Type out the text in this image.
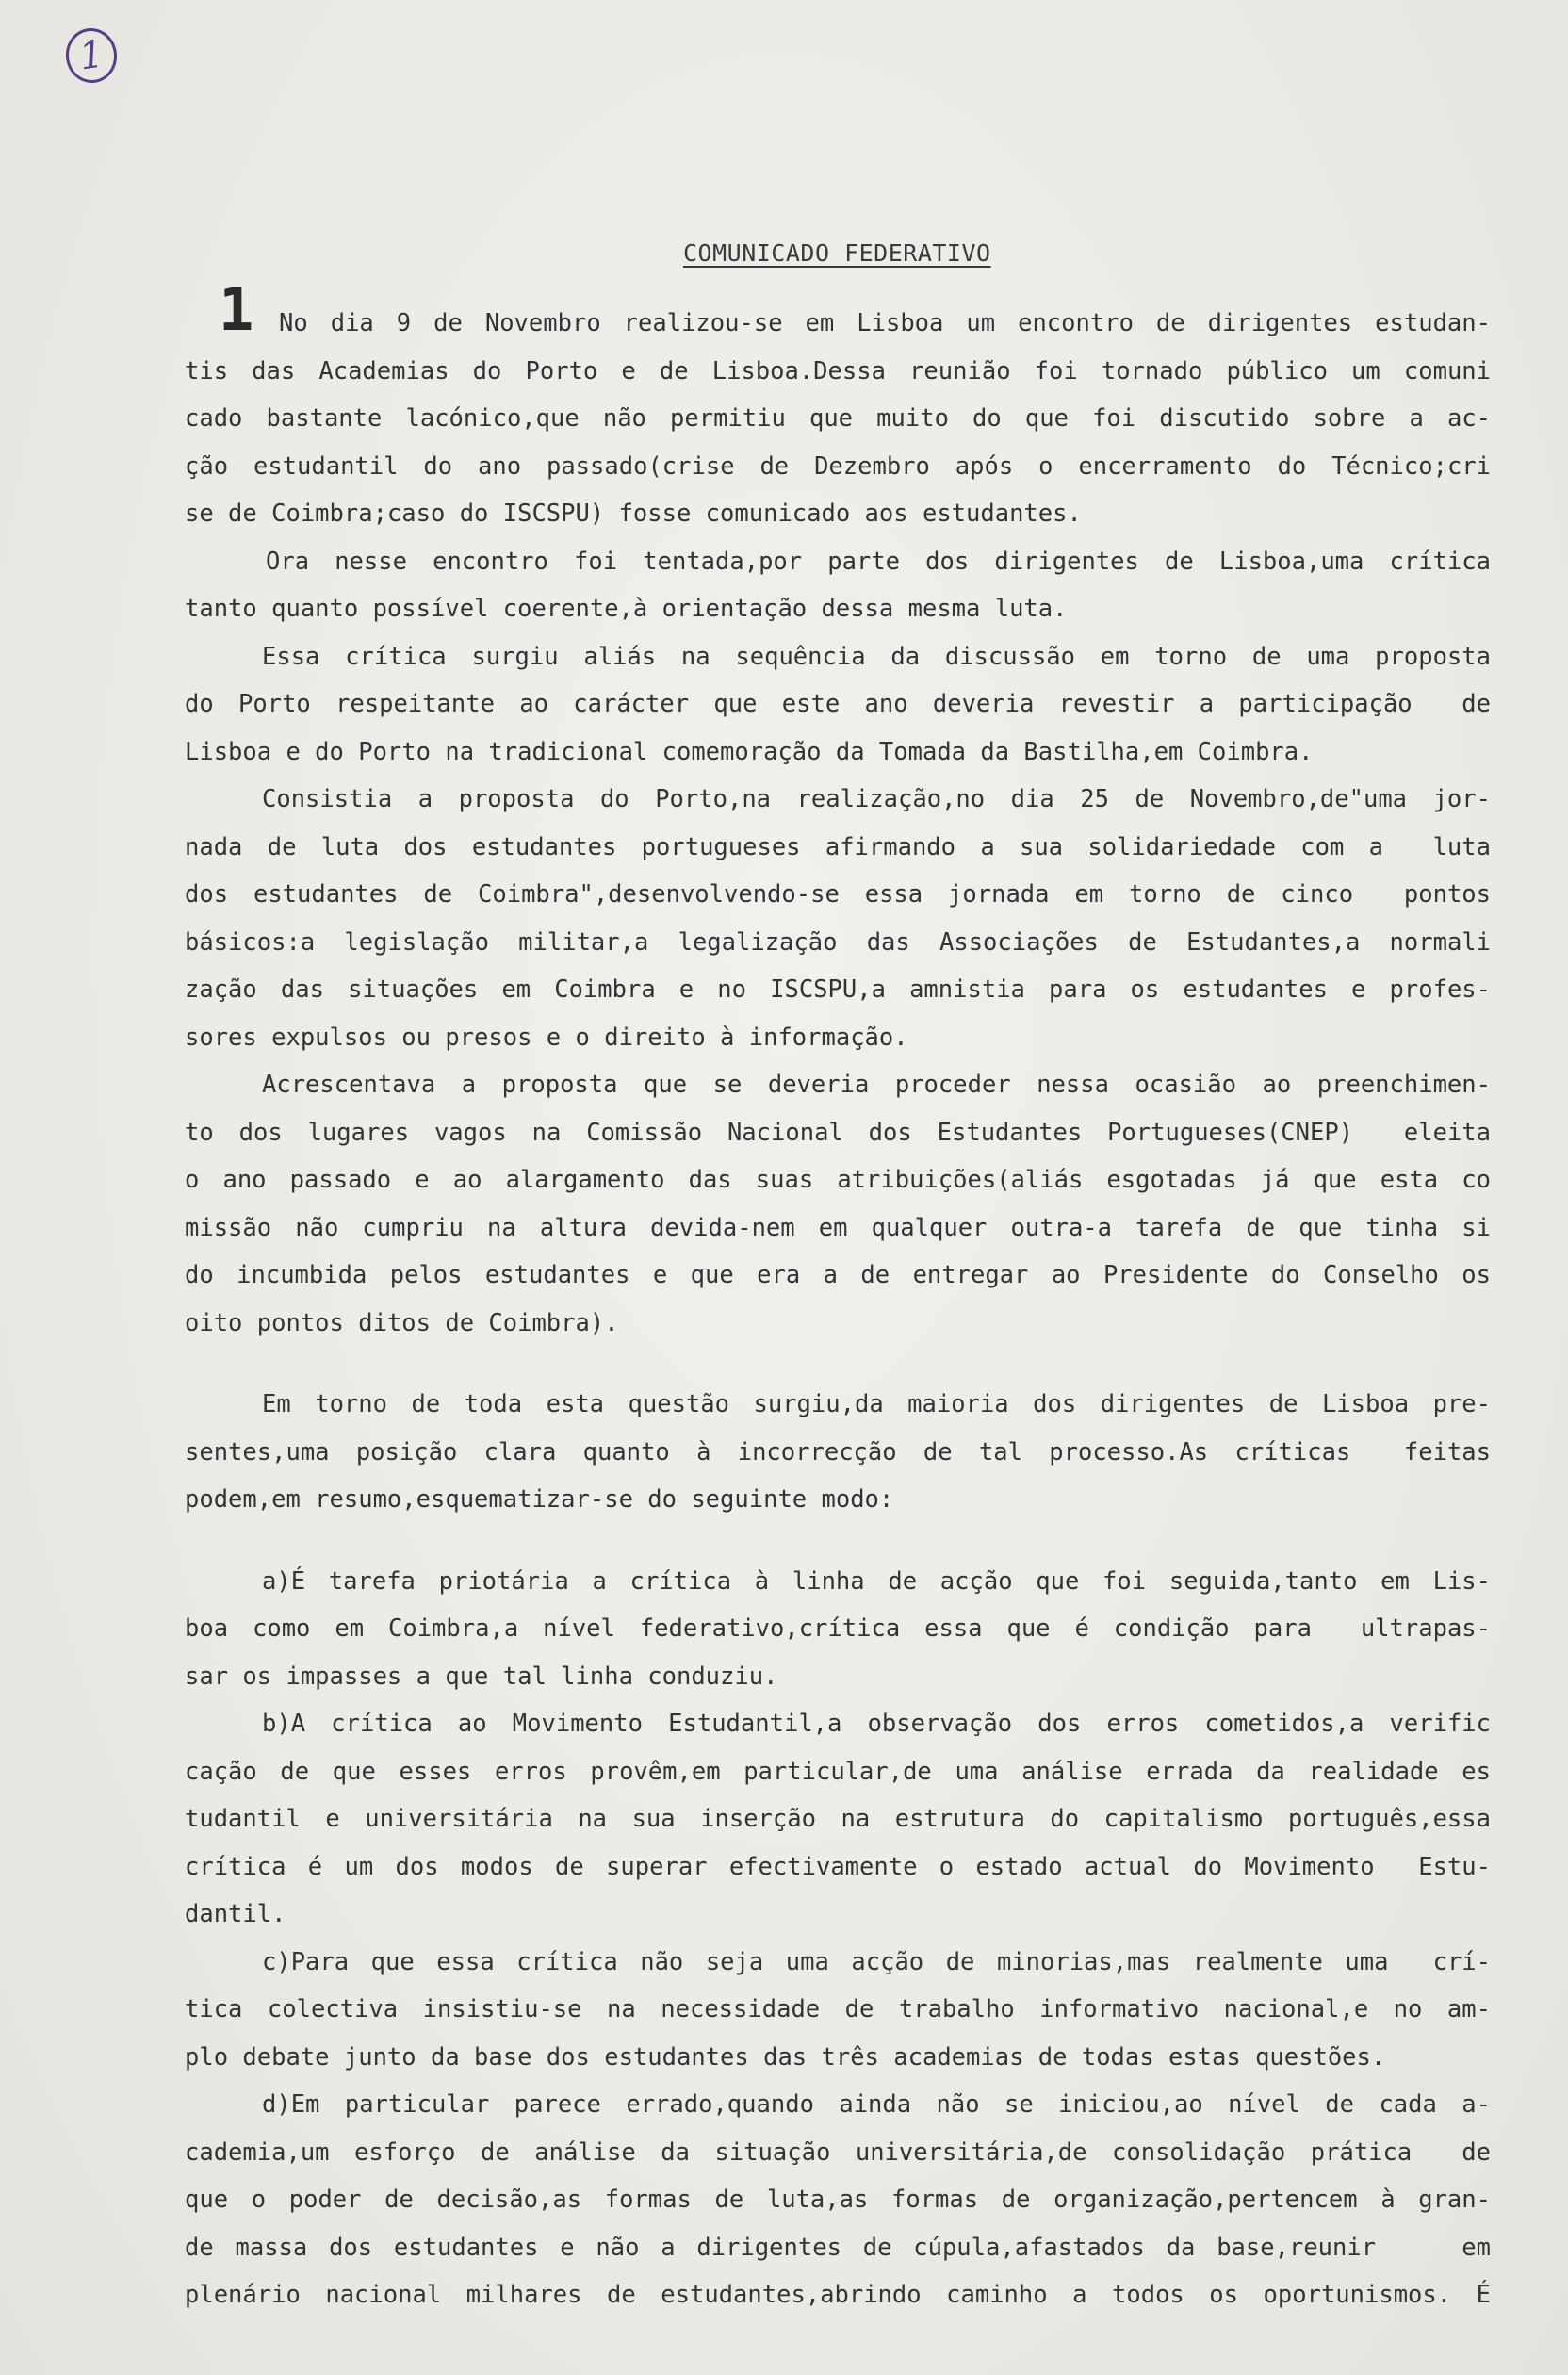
1
COMUNICADO FEDERATIVO
1	No dia 9 de Novembro realizou-se em Lisboa um encontro de dirigentes estudan-
tis das Academias do Porto e de Lisboa.Dessa reunião foi tornado público um comuni
cado bastante lacónico,que não permitiu que muito do que foi discutido sobre a ac-
ção estudantil do ano passado(crise de Dezembro após o encerramento do Técnico;cri
se de Coimbra;caso do ISCSPU) fosse comunicado aos estudantes.
Ora nesse encontro foi tentada,por parte dos dirigentes de Lisboa,uma crítica
tanto quanto possível coerente,à orientação dessa mesma luta.
Essa crítica surgiu aliás na sequência da discussão em torno de uma proposta
do Porto respeitante ao carácter que este ano deveria revestir a participação  de
Lisboa e do Porto na tradicional comemoração da Tomada da Bastilha,em Coimbra.
Consistia a proposta do Porto,na realização,no dia 25 de Novembro,de"uma jor-
nada de luta dos estudantes portugueses afirmando a sua solidariedade com a  luta
dos estudantes de Coimbra",desenvolvendo-se essa jornada em torno de cinco  pontos
básicos:a legislação militar,a legalização das Associações de Estudantes,a normali
zação das situações em Coimbra e no ISCSPU,a amnistia para os estudantes e profes-
sores expulsos ou presos e o direito à informação.
Acrescentava a proposta que se deveria proceder nessa ocasião ao preenchimen-
to dos lugares vagos na Comissão Nacional dos Estudantes Portugueses(CNEP)  eleita
o ano passado e ao alargamento das suas atribuições(aliás esgotadas já que esta co
missão não cumpriu na altura devida-nem em qualquer outra-a tarefa de que tinha si
do incumbida pelos estudantes e que era a de entregar ao Presidente do Conselho os
oito pontos ditos de Coimbra).
Em torno de toda esta questão surgiu,da maioria dos dirigentes de Lisboa pre-
sentes,uma posição clara quanto à incorrecção de tal processo.As críticas  feitas
podem,em resumo,esquematizar-se do seguinte modo:
a)É tarefa priotária a crítica à linha de acção que foi seguida,tanto em Lis-
boa como em Coimbra,a nível federativo,crítica essa que é condição para  ultrapas-
sar os impasses a que tal linha conduziu.
b)A crítica ao Movimento Estudantil,a observação dos erros cometidos,a verific
cação de que esses erros provêm,em particular,de uma análise errada da realidade es
tudantil e universitária na sua inserção na estrutura do capitalismo português,essa
crítica é um dos modos de superar efectivamente o estado actual do Movimento  Estu-
dantil.
c)Para que essa crítica não seja uma acção de minorias,mas realmente uma  crí-
tica colectiva insistiu-se na necessidade de trabalho informativo nacional,e no am-
plo debate junto da base dos estudantes das três academias de todas estas questões.
d)Em particular parece errado,quando ainda não se iniciou,ao nível de cada a-
cademia,um esforço de análise da situação universitária,de consolidação prática  de
que o poder de decisão,as formas de luta,as formas de organização,pertencem à gran-
de massa dos estudantes e não a dirigentes de cúpula,afastados da base,reunir    em
plenário nacional milhares de estudantes,abrindo caminho a todos os oportunismos. É
